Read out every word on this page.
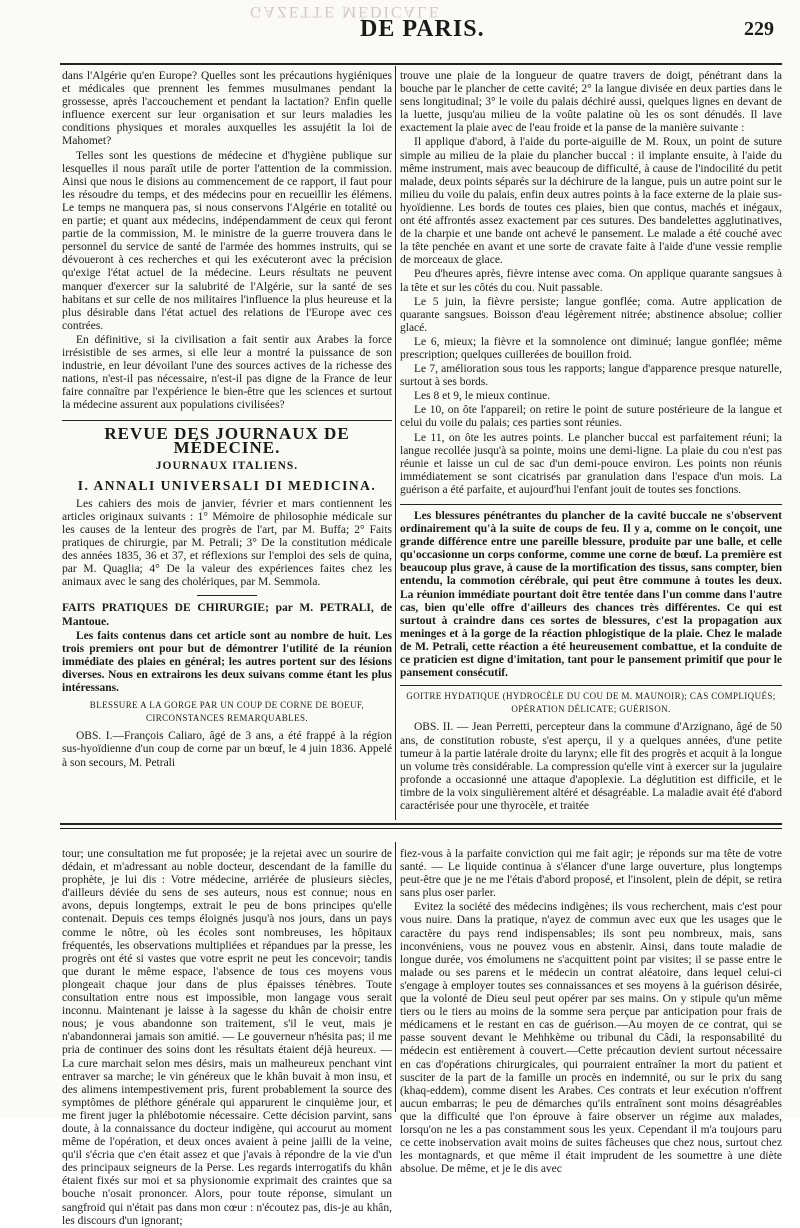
GAZETTE MÉDICALE
DE PARIS.	229

dans l'Algérie qu'en Europe? Quelles sont les précautions hygiéniques et médicales que prennent les femmes musulmanes pendant la grossesse, après l'accouchement et pendant la lactation? Enfin quelle influence exercent sur leur organisation et sur leurs maladies les conditions physiques et morales auxquelles les assujétit la loi de Mahomet?

Telles sont les questions de médecine et d'hygiène publique sur lesquelles il nous paraît utile de porter l'attention de la commission. Ainsi que nous le disions au commencement de ce rapport, il faut pour les résoudre du temps, et des médecins pour en recueillir les élémens. Le temps ne manquera pas, si nous conservons l'Algérie en totalité ou en partie; et quant aux médecins, indépendamment de ceux qui feront partie de la commission, M. le ministre de la guerre trouvera dans le personnel du service de santé de l'armée des hommes instruits, qui se dévoueront à ces recherches et qui les exécuteront avec la précision qu'exige l'état actuel de la médecine. Leurs résultats ne peuvent manquer d'exercer sur la salubrité de l'Algérie, sur la santé de ses habitans et sur celle de nos militaires l'influence la plus heureuse et la plus désirable dans l'état actuel des relations de l'Europe avec ces contrées.

En définitive, si la civilisation a fait sentir aux Arabes la force irrésistible de ses armes, si elle leur a montré la puissance de son industrie, en leur dévoilant l'une des sources actives de la richesse des nations, n'est-il pas nécessaire, n'est-il pas digne de la France de leur faire connaître par l'expérience le bien-être que les sciences et surtout la médecine assurent aux populations civilisées?

REVUE DES JOURNAUX DE MÉDECINE.
JOURNAUX ITALIENS.
I. ANNALI UNIVERSALI DI MEDICINA.

Les cahiers des mois de janvier, février et mars contiennent les articles originaux suivants : 1° Mémoire de philosophie médicale sur les causes de la lenteur des progrès de l'art, par M. Buffa; 2° Faits pratiques de chirurgie, par M. Petrali; 3° De la constitution médicale des années 1835, 36 et 37, et réflexions sur l'emploi des sels de quina, par M. Quaglia; 4° De la valeur des expériences faites chez les animaux avec le sang des cholériques, par M. Semmola.

FAITS PRATIQUES DE CHIRURGIE; par M. PETRALI, de Mantoue.

Les faits contenus dans cet article sont au nombre de huit. Les trois premiers ont pour but de démontrer l'utilité de la réunion immédiate des plaies en général; les autres portent sur des lésions diverses. Nous en extrairons les deux suivans comme étant les plus intéressans.

BLESSURE A LA GORGE PAR UN COUP DE CORNE DE BOEUF, CIRCONSTANCES REMARQUABLES.

OBS. I.—François Caliaro, âgé de 3 ans, a été frappé à la région sus-hyoïdienne d'un coup de corne par un bœuf, le 4 juin 1836. Appelé à son secours, M. Petrali

trouve une plaie de la longueur de quatre travers de doigt, pénétrant dans la bouche par le plancher de cette cavité; 2° la langue divisée en deux parties dans le sens longitudinal; 3° le voile du palais déchiré aussi, quelques lignes en devant de la luette, jusqu'au milieu de la voûte palatine où les os sont dénudés. Il lave exactement la plaie avec de l'eau froide et la panse de la manière suivante :

Il applique d'abord, à l'aide du porte-aiguille de M. Roux, un point de suture simple au milieu de la plaie du plancher buccal : il implante ensuite, à l'aide du même instrument, mais avec beaucoup de difficulté, à cause de l'indocilité du petit malade, deux points séparés sur la déchirure de la langue, puis un autre point sur le milieu du voile du palais, enfin deux autres points à la face externe de la plaie sus-hyoïdienne. Les bords de toutes ces plaies, bien que contus, machés et inégaux, ont été affrontés assez exactement par ces sutures. Des bandelettes agglutinatives, de la charpie et une bande ont achevé le pansement. Le malade a été couché avec la tête penchée en avant et une sorte de cravate faite à l'aide d'une vessie remplie de morceaux de glace.

Peu d'heures après, fièvre intense avec coma. On applique quarante sangsues à la tête et sur les côtés du cou. Nuit passable.

Le 5 juin, la fièvre persiste; langue gonflée; coma. Autre application de quarante sangsues. Boisson d'eau légèrement nitrée; abstinence absolue; collier glacé.

Le 6, mieux; la fièvre et la somnolence ont diminué; langue gonflée; même prescription; quelques cuillerées de bouillon froid.

Le 7, amélioration sous tous les rapports; langue d'apparence presque naturelle, surtout à ses bords.

Les 8 et 9, le mieux continue.

Le 10, on ôte l'appareil; on retire le point de suture postérieure de la langue et celui du voile du palais; ces parties sont réunies.

Le 11, on ôte les autres points. Le plancher buccal est parfaitement réuni; la langue recollée jusqu'à sa pointe, moins une demi-ligne. La plaie du cou n'est pas réunie et laisse un cul de sac d'un demi-pouce environ. Les points non réunis immédiatement se sont cicatrisés par granulation dans l'espace d'un mois. La guérison a été parfaite, et aujourd'hui l'enfant jouit de toutes ses fonctions.

Les blessures pénétrantes du plancher de la cavité buccale ne s'observent ordinairement qu'à la suite de coups de feu. Il y a, comme on le conçoit, une grande différence entre une pareille blessure, produite par une balle, et celle qu'occasionne un corps conforme, comme une corne de bœuf. La première est beaucoup plus grave, à cause de la mortification des tissus, sans compter, bien entendu, la commotion cérébrale, qui peut être commune à toutes les deux. La réunion immédiate pourtant doit être tentée dans l'un comme dans l'autre cas, bien qu'elle offre d'ailleurs des chances très différentes. Ce qui est surtout à craindre dans ces sortes de blessures, c'est la propagation aux meninges et à la gorge de la réaction phlogistique de la plaie. Chez le malade de M. Petrali, cette réaction a été heureusement combattue, et la conduite de ce praticien est digne d'imitation, tant pour le pansement primitif que pour le pansement consécutif.

GOITRE HYDATIQUE (HYDROCÈLE DU COU DE M. MAUNOIR); CAS COMPLIQUÉS; OPÉRATION DÉLICATE; GUÉRISON.

OBS. II. — Jean Perretti, percepteur dans la commune d'Arzignano, âgé de 50 ans, de constitution robuste, s'est aperçu, il y a quelques années, d'une petite tumeur à la partie latérale droite du larynx; elle fit des progrès et acquit à la longue un volume très considérable. La compression qu'elle vint à exercer sur la jugulaire profonde a occasionné une attaque d'apoplexie. La déglutition est difficile, et le timbre de la voix singulièrement altéré et désagréable. La maladie avait été d'abord caractérisée pour une thyrocèle, et traitée

tour; une consultation me fut proposée; je la rejetai avec un sourire de dédain, et m'adressant au noble docteur, descendant de la famille du prophète, je lui dis : Votre médecine, arriérée de plusieurs siècles, d'ailleurs déviée du sens de ses auteurs, nous est connue; nous en avons, depuis longtemps, extrait le peu de bons principes qu'elle contenait. Depuis ces temps éloignés jusqu'à nos jours, dans un pays comme le nôtre, où les écoles sont nombreuses, les hôpitaux fréquentés, les observations multipliées et répandues par la presse, les progrès ont été si vastes que votre esprit ne peut les concevoir; tandis que durant le même espace, l'absence de tous ces moyens vous plongeait chaque jour dans de plus épaisses ténèbres. Toute consultation entre nous est impossible, mon langage vous serait inconnu. Maintenant je laisse à la sagesse du khân de choisir entre nous; je vous abandonne son traitement, s'il le veut, mais je n'abandonnerai jamais son amitié. — Le gouverneur n'hésita pas; il me pria de continuer des soins dont les résultats étaient déjà heureux. — La cure marchait selon mes désirs, mais un malheureux penchant vint entraver sa marche; le vin généreux que le khân buvait à mon insu, et des alimens intempestivement pris, furent probablement la source des symptômes de pléthore générale qui apparurent le cinquième jour, et me firent juger la phlébotomie nécessaire. Cette décision parvint, sans doute, à la connaissance du docteur indigène, qui accourut au moment même de l'opération, et deux onces avaient à peine jailli de la veine, qu'il s'écria que c'en était assez et que j'avais à répondre de la vie d'un des principaux seigneurs de la Perse. Les regards interrogatifs du khân étaient fixés sur moi et sa physionomie exprimait des craintes que sa bouche n'osait prononcer. Alors, pour toute réponse, simulant un sangfroid qui n'était pas dans mon cœur : n'écoutez pas, dis-je au khân, les discours d'un ignorant;

fiez-vous à la parfaite conviction qui me fait agir; je réponds sur ma tête de votre santé. — Le liquide continua à s'élancer d'une large ouverture, plus longtemps peut-être que je ne me l'étais d'abord proposé, et l'insolent, plein de dépit, se retira sans plus oser parler.

Evitez la société des médecins indigènes; ils vous recherchent, mais c'est pour vous nuire. Dans la pratique, n'ayez de commun avec eux que les usages que le caractère du pays rend indispensables; ils sont peu nombreux, mais, sans inconvéniens, vous ne pouvez vous en abstenir. Ainsi, dans toute maladie de longue durée, vos émolumens ne s'acquittent point par visites; il se passe entre le malade ou ses parens et le médecin un contrat aléatoire, dans lequel celui-ci s'engage à employer toutes ses connaissances et ses moyens à la guérison désirée, que la volonté de Dieu seul peut opérer par ses mains. On y stipule qu'un même tiers ou le tiers au moins de la somme sera perçue par anticipation pour frais de médicamens et le restant en cas de guérison.—Au moyen de ce contrat, qui se passe souvent devant le Mehhkème ou tribunal du Câdi, la responsabilité du médecin est entièrement à couvert.—Cette précaution devient surtout nécessaire en cas d'opérations chirurgicales, qui pourraient entraîner la mort du patient et susciter de la part de la famille un procès en indemnité, ou sur le prix du sang (khaq-eddem), comme disent les Arabes. Ces contrats et leur exécution n'offrent aucun embarras; le peu de démarches qu'ils entraînent sont moins désagréables que la difficulté que l'on éprouve à faire observer un régime aux malades, lorsqu'on ne les a pas constamment sous les yeux. Cependant il m'a toujours paru ce cette inobservation avait moins de suites fâcheuses que chez nous, surtout chez les montagnards, et que même il était imprudent de les soumettre à une diète absolue. De même, et je le dis avec
